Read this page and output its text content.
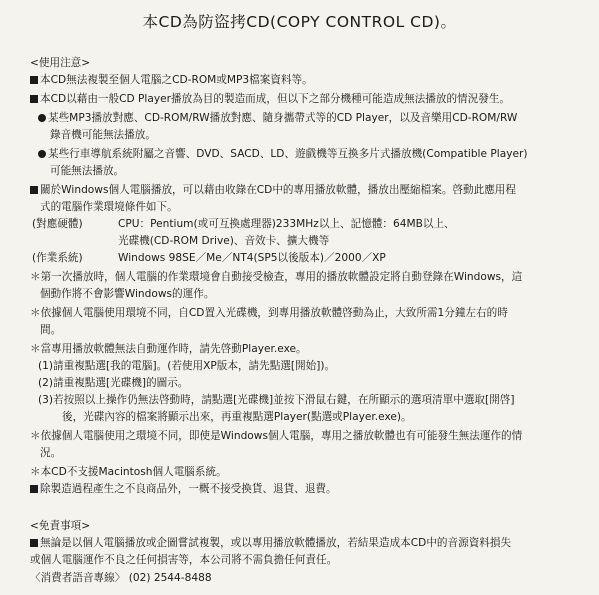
本CD為防盜拷CD(COPY CONTROL CD)。
<使用注意>
本CD無法複製至個人電腦之CD-ROM或MP3檔案資料等。
本CD以藉由一般CD Player播放為目的製造而成，但以下之部分機種可能造成無法播放的情況發生。
某些MP3播放對應、CD-ROM/RW播放對應、隨身攜帶式等的CD Player，以及音樂用CD-ROM/RW
錄音機可能無法播放。
某些行車導航系統附屬之音響、DVD、SACD、LD、遊戲機等互換多片式播放機(Compatible Player)
可能無法播放。
關於Windows個人電腦播放，可以藉由收錄在CD中的專用播放軟體，播放出壓縮檔案。啓動此應用程
式的電腦作業環境條件如下。
(對應硬體)	CPU：Pentium(或可互換處理器)233MHz以上、記憶體：64MB以上、
光碟機(CD-ROM Drive)、音效卡、擴大機等
(作業系統)	Windows 98SE／Me／NT4(SP5以後版本)／2000／XP
＊第一次播放時，個人電腦的作業環境會自動接受檢查，專用的播放軟體設定將自動登錄在Windows，這
個動作將不會影響Windows的運作。
＊依據個人電腦使用環境不同，自CD置入光碟機，到專用播放軟體啓動為止，大致所需1分鐘左右的時
間。
＊當專用播放軟體無法自動運作時，請先啓動Player.exe。
(1)請重複點選[我的電腦]。(若使用XP版本，請先點選[開始])。
(2)請重複點選[光碟機]的圖示。
(3)若按照以上操作仍無法啓動時，請點選[光碟機]並按下滑鼠右鍵，在所顯示的選項清單中選取[開啓]
後，光碟內容的檔案將顯示出來，再重複點選Player(點選或Player.exe)。
＊依據個人電腦使用之環境不同，即使是Windows個人電腦，專用之播放軟體也有可能發生無法運作的情
況。
＊本CD不支援Macintosh個人電腦系統。
除製造過程產生之不良商品外，一概不接受換貨、退貨、退費。
<免責事項>
無論是以個人電腦播放或企圖嘗試複製，或以專用播放軟體播放，若結果造成本CD中的音源資料損失
或個人電腦運作不良之任何損害等，本公司將不需負擔任何責任。
〈消費者語音專線〉 (02) 2544-8488
